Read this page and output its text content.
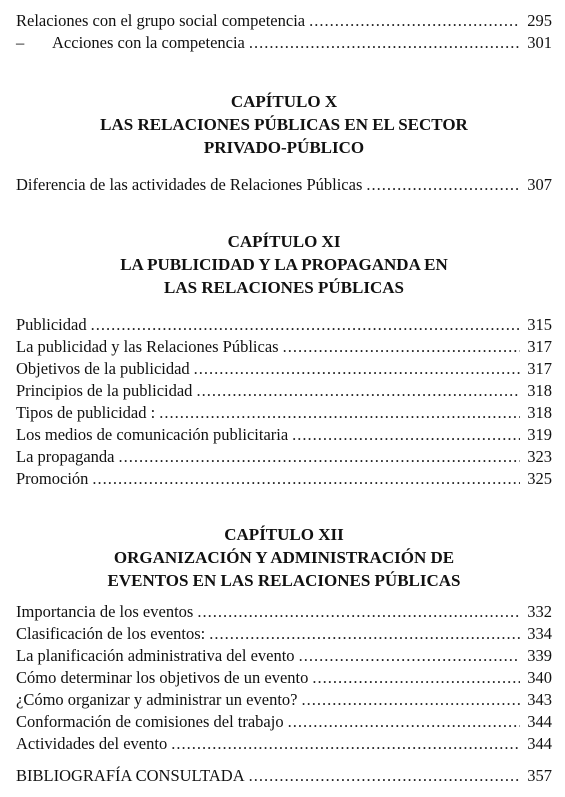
Relaciones con el grupo social competencia .....	295
– Acciones con la competencia .....	301
CAPÍTULO X
LAS RELACIONES PÚBLICAS EN EL SECTOR
PRIVADO-PÚBLICO
Diferencia de las actividades de Relaciones Públicas .....	307
CAPÍTULO XI
LA PUBLICIDAD Y LA PROPAGANDA EN
LAS RELACIONES PÚBLICAS
Publicidad .....	315
La publicidad y las Relaciones Públicas .....	317
Objetivos de la publicidad .....	317
Principios de la publicidad .....	318
Tipos de publicidad : .....	318
Los medios de comunicación publicitaria .....	319
La propaganda .....	323
Promoción .....	325
CAPÍTULO XII
ORGANIZACIÓN Y ADMINISTRACIÓN DE
EVENTOS EN LAS RELACIONES PÚBLICAS
Importancia de los eventos .....	332
Clasificación de los eventos: .....	334
La planificación administrativa del evento .....	339
Cómo determinar los objetivos de un evento .....	340
¿Cómo organizar y administrar un evento? .....	343
Conformación de comisiones del trabajo .....	344
Actividades del evento .....	344
BIBLIOGRAFÍA CONSULTADA .....	357
